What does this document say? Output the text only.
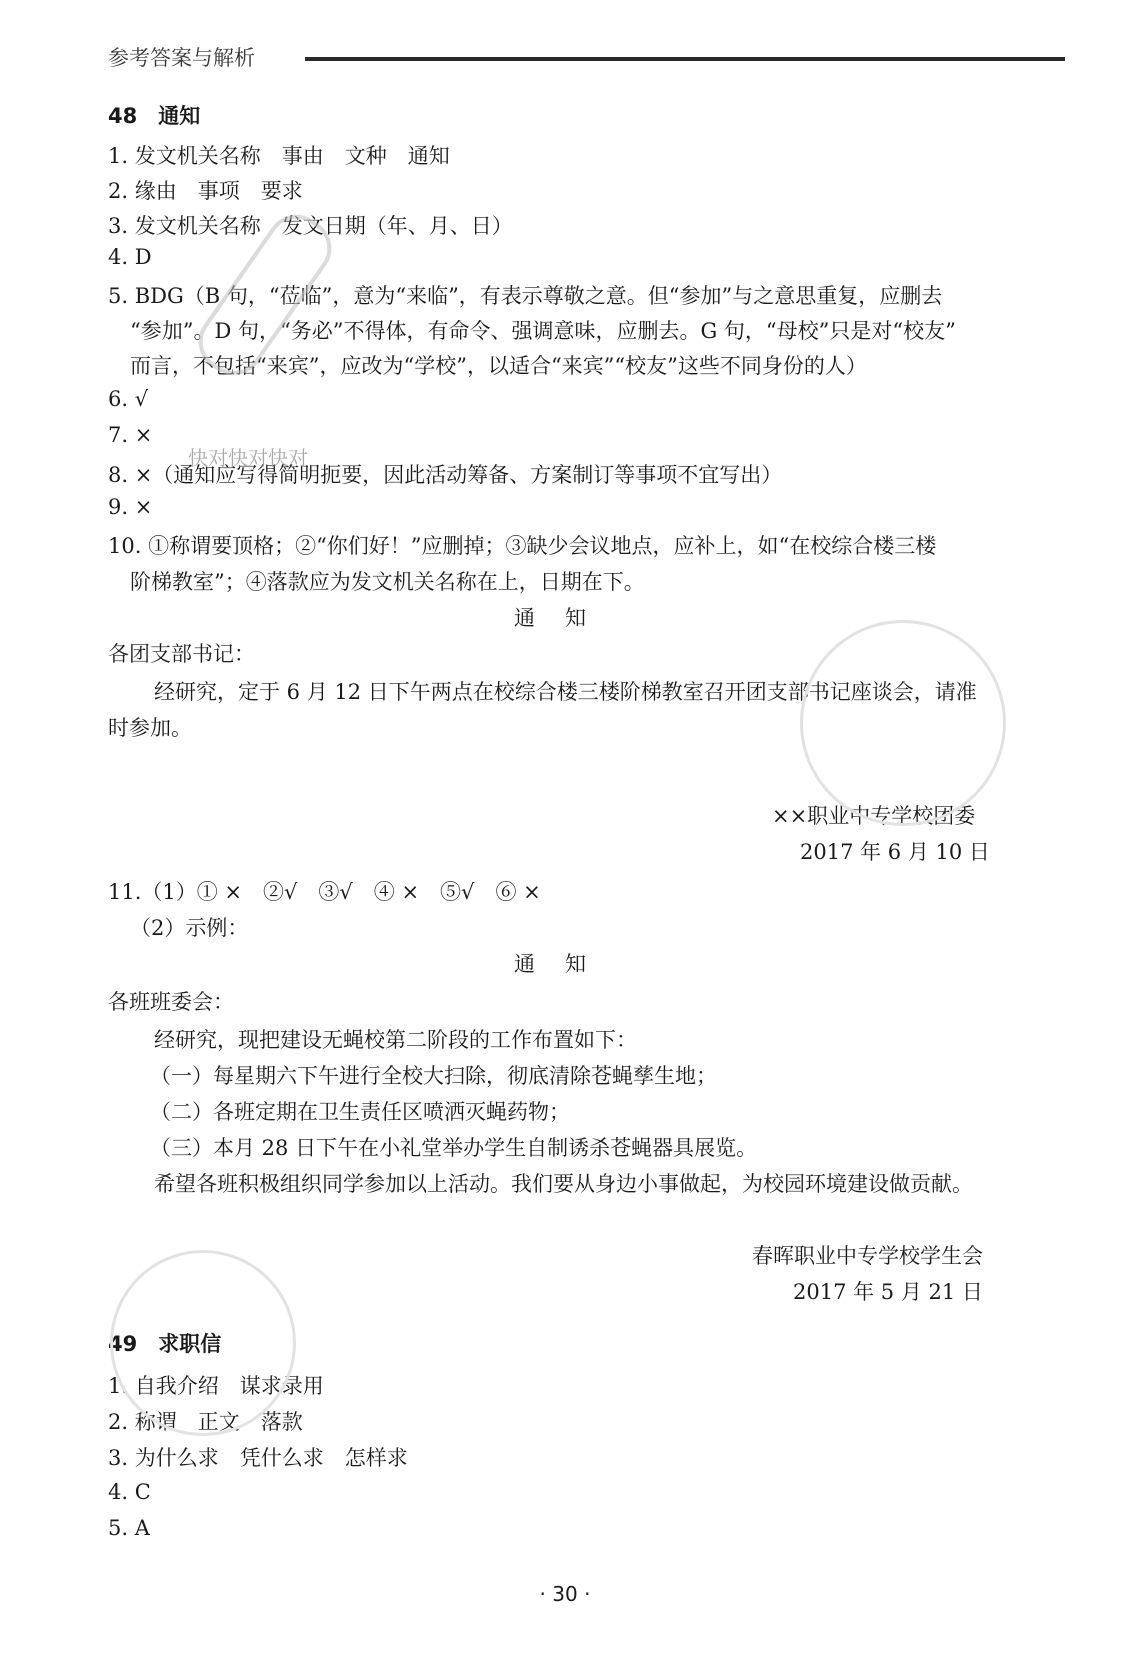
参考答案与解析
48　通知
1. 发文机关名称　事由　文种　通知
2. 缘由　事项　要求
3. 发文机关名称　发文日期（年、月、日）
4. D
5. BDG（B 句，“莅临”，意为“来临”，有表示尊敬之意。但“参加”与之意思重复，应删去
“参加”。D 句，“务必”不得体，有命令、强调意味，应删去。G 句，“母校”只是对“校友”
而言，不包括“来宾”，应改为“学校”，以适合“来宾”“校友”这些不同身份的人）
6. √
7. ×
8. ×（通知应写得简明扼要，因此活动筹备、方案制订等事项不宜写出）
9. ×
10. ①称谓要顶格；②“你们好！”应删掉；③缺少会议地点，应补上，如“在校综合楼三楼
阶梯教室”；④落款应为发文机关名称在上，日期在下。
通知
各团支部书记：
经研究，定于 6 月 12 日下午两点在校综合楼三楼阶梯教室召开团支部书记座谈会，请准
时参加。
××职业中专学校团委
2017 年 6 月 10 日
11.（1）① ×　②√　③√　④ ×　⑤√　⑥ ×
（2）示例：
通知
各班班委会：
经研究，现把建设无蝇校第二阶段的工作布置如下：
（一）每星期六下午进行全校大扫除，彻底清除苍蝇孳生地；
（二）各班定期在卫生责任区喷洒灭蝇药物；
（三）本月 28 日下午在小礼堂举办学生自制诱杀苍蝇器具展览。
希望各班积极组织同学参加以上活动。我们要从身边小事做起，为校园环境建设做贡献。
春晖职业中专学校学生会
2017 年 5 月 21 日
49　求职信
1. 自我介绍　谋求录用
2. 称谓　正文　落款
3. 为什么求　凭什么求　怎样求
4. C
5. A
· 30 ·
快对快对快对
